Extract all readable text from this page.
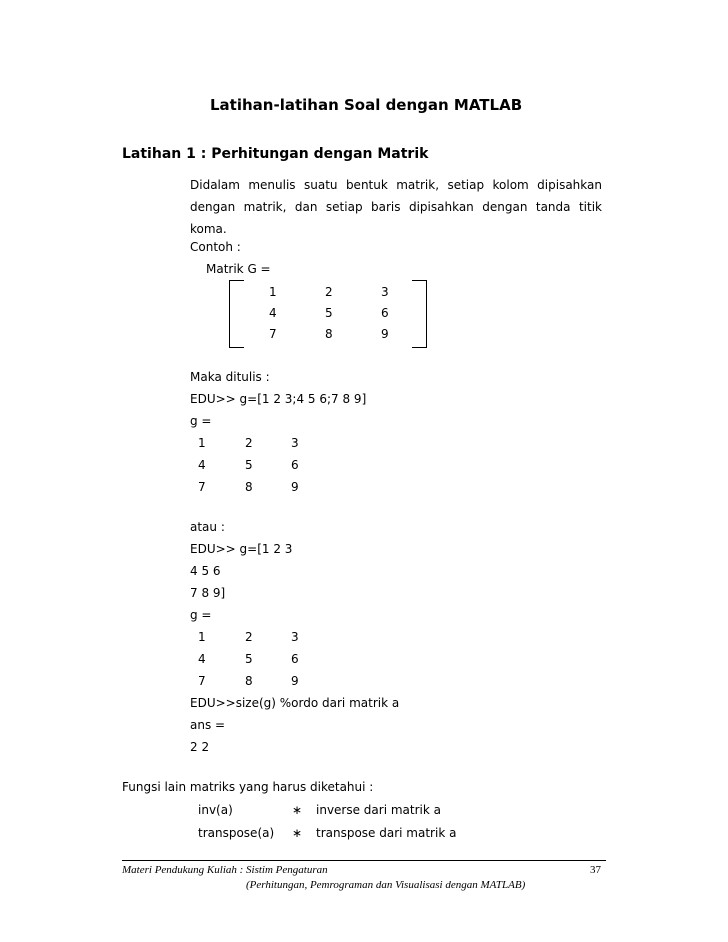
Latihan-latihan Soal dengan MATLAB
Latihan 1 : Perhitungan dengan Matrik
Didalam menulis suatu bentuk matrik, setiap kolom dipisahkan dengan matrik, dan setiap baris dipisahkan dengan tanda titik koma.
Contoh :
Matrik G =
1	2	3
4	5	6
7	8	9
Maka ditulis :
EDU>> g=[1 2 3;4 5 6;7 8 9]
g =
1	2	3
4	5	6
7	8	9
atau :
EDU>> g=[1 2 3
4 5 6
7 8 9]
g =
1	2	3
4	5	6
7	8	9
EDU>>size(g) %ordo dari matrik a
ans =
2 2
Fungsi lain matriks yang harus diketahui :
inv(a)	∗ inverse dari matrik a
transpose(a) ∗ transpose dari matrik a
Materi Pendukung Kuliah : Sistim Pengaturan	37
(Perhitungan, Pemrograman dan Visualisasi dengan MATLAB)
